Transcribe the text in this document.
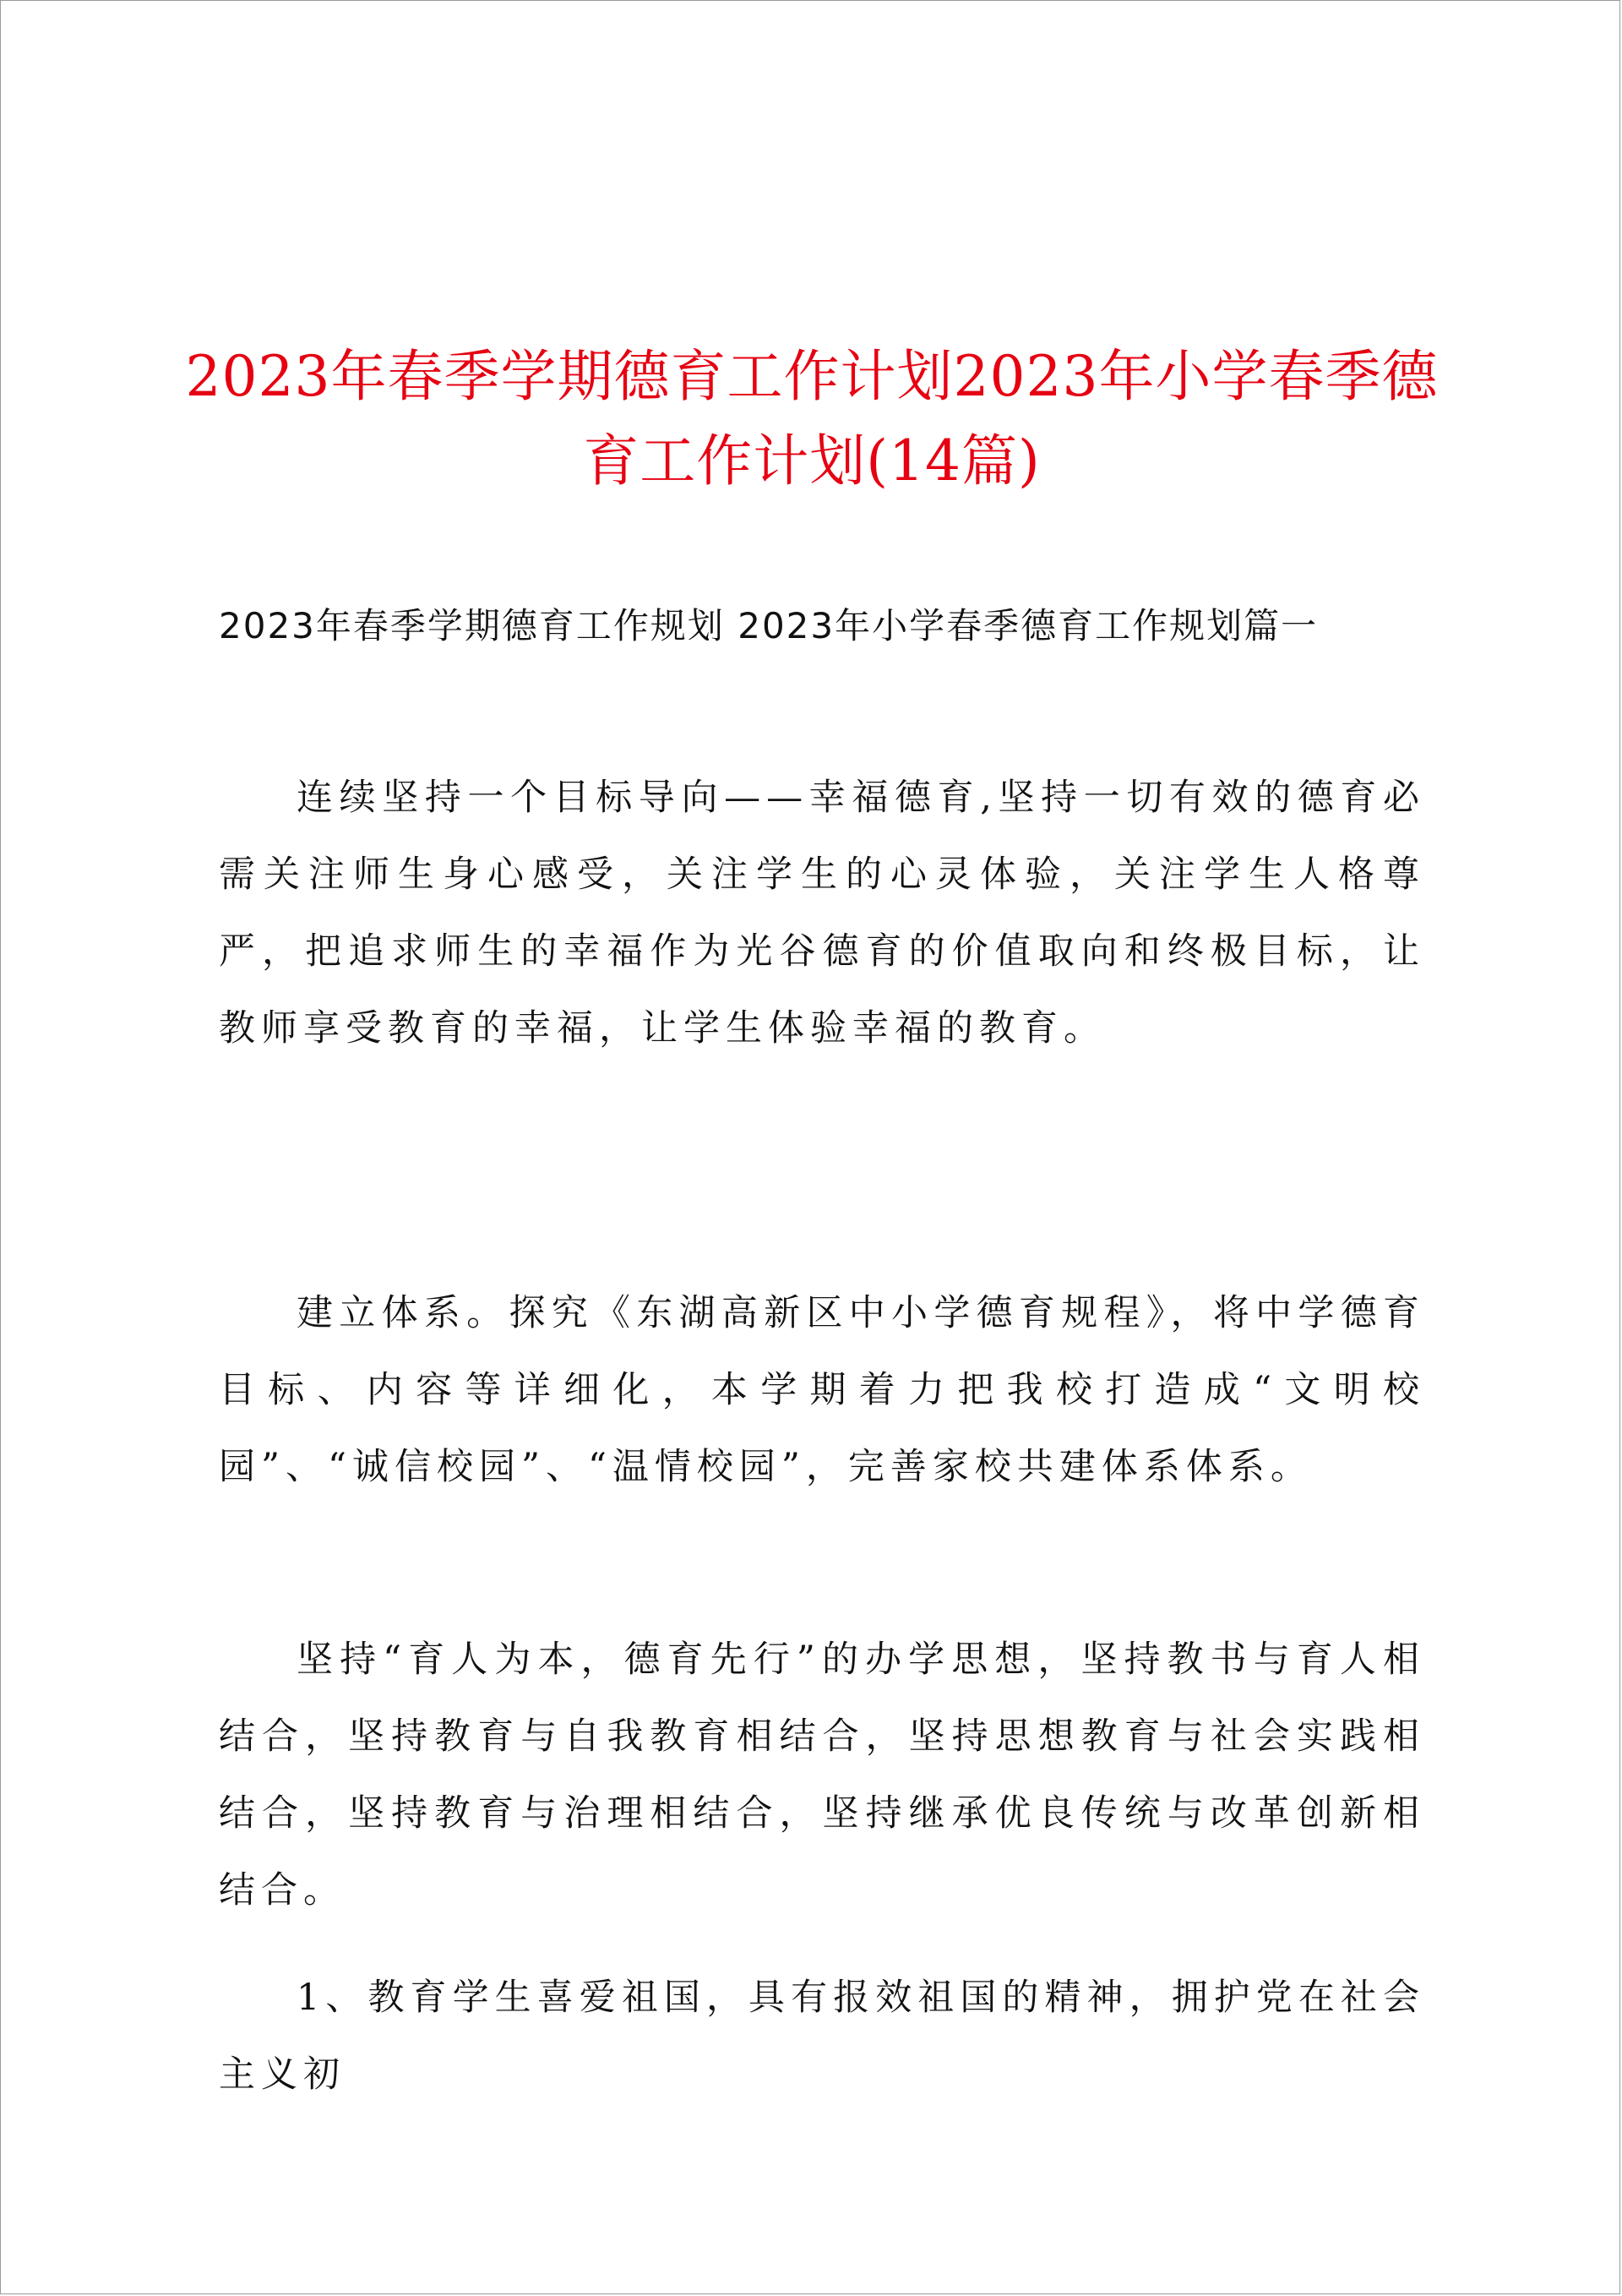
2023年春季学期德育工作计划2023年小学春季德育工作计划(14篇)

2023年春季学期德育工作规划 2023年小学春季德育工作规划篇一

连续坚持一个目标导向——幸福德育,坚持一切有效的德育必需关注师生身心感受，关注学生的心灵体验，关注学生人格尊严，把追求师生的幸福作为光谷德育的价值取向和终极目标，让教师享受教育的幸福，让学生体验幸福的教育。

建立体系。探究《东湖高新区中小学德育规程》，将中学德育目标、内容等详细化，本学期着力把我校打造成“文明校园”、“诚信校园”、“温情校园”，完善家校共建体系体系。

坚持“育人为本，德育先行”的办学思想，坚持教书与育人相结合，坚持教育与自我教育相结合，坚持思想教育与社会实践相结合，坚持教育与治理相结合，坚持继承优良传统与改革创新相结合。

1、教育学生喜爱祖国，具有报效祖国的精神，拥护党在社会主义初
